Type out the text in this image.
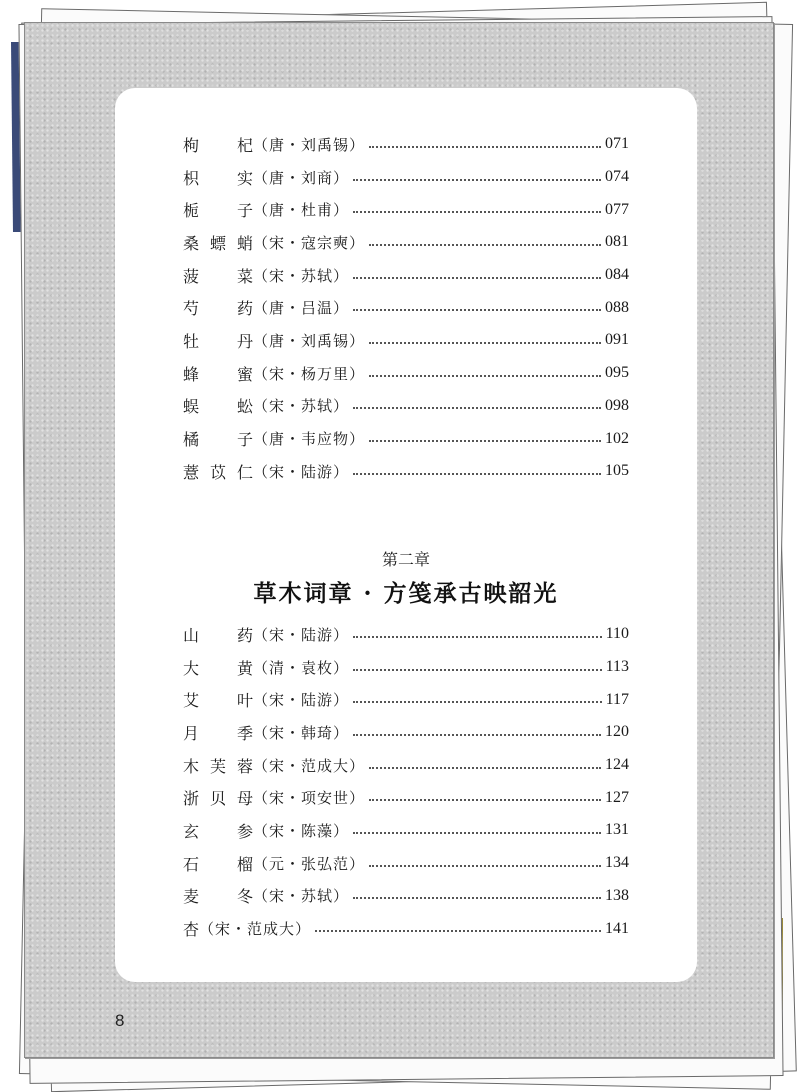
枸　杞 （唐・刘禹锡）	071
枳　实 （唐・刘商）	074
栀　子 （唐・杜甫）	077
桑螵蛸 （宋・寇宗奭）	081
菠　菜 （宋・苏轼）	084
芍　药 （唐・吕温）	088
牡　丹 （唐・刘禹锡）	091
蜂　蜜 （宋・杨万里）	095
蜈　蚣 （宋・苏轼）	098
橘　子 （唐・韦应物）	102
薏苡仁 （宋・陆游）	105
第二章
草木词章 · 方笺承古映韶光
山　药 （宋・陆游）	110
大　黄 （清・袁枚）	113
艾　叶 （宋・陆游）	117
月　季 （宋・韩琦）	120
木芙蓉 （宋・范成大）	124
浙贝母 （宋・项安世）	127
玄　参 （宋・陈藻）	131
石　榴 （元・张弘范）	134
麦　冬 （宋・苏轼）	138
杏 （宋・范成大）	141
8
